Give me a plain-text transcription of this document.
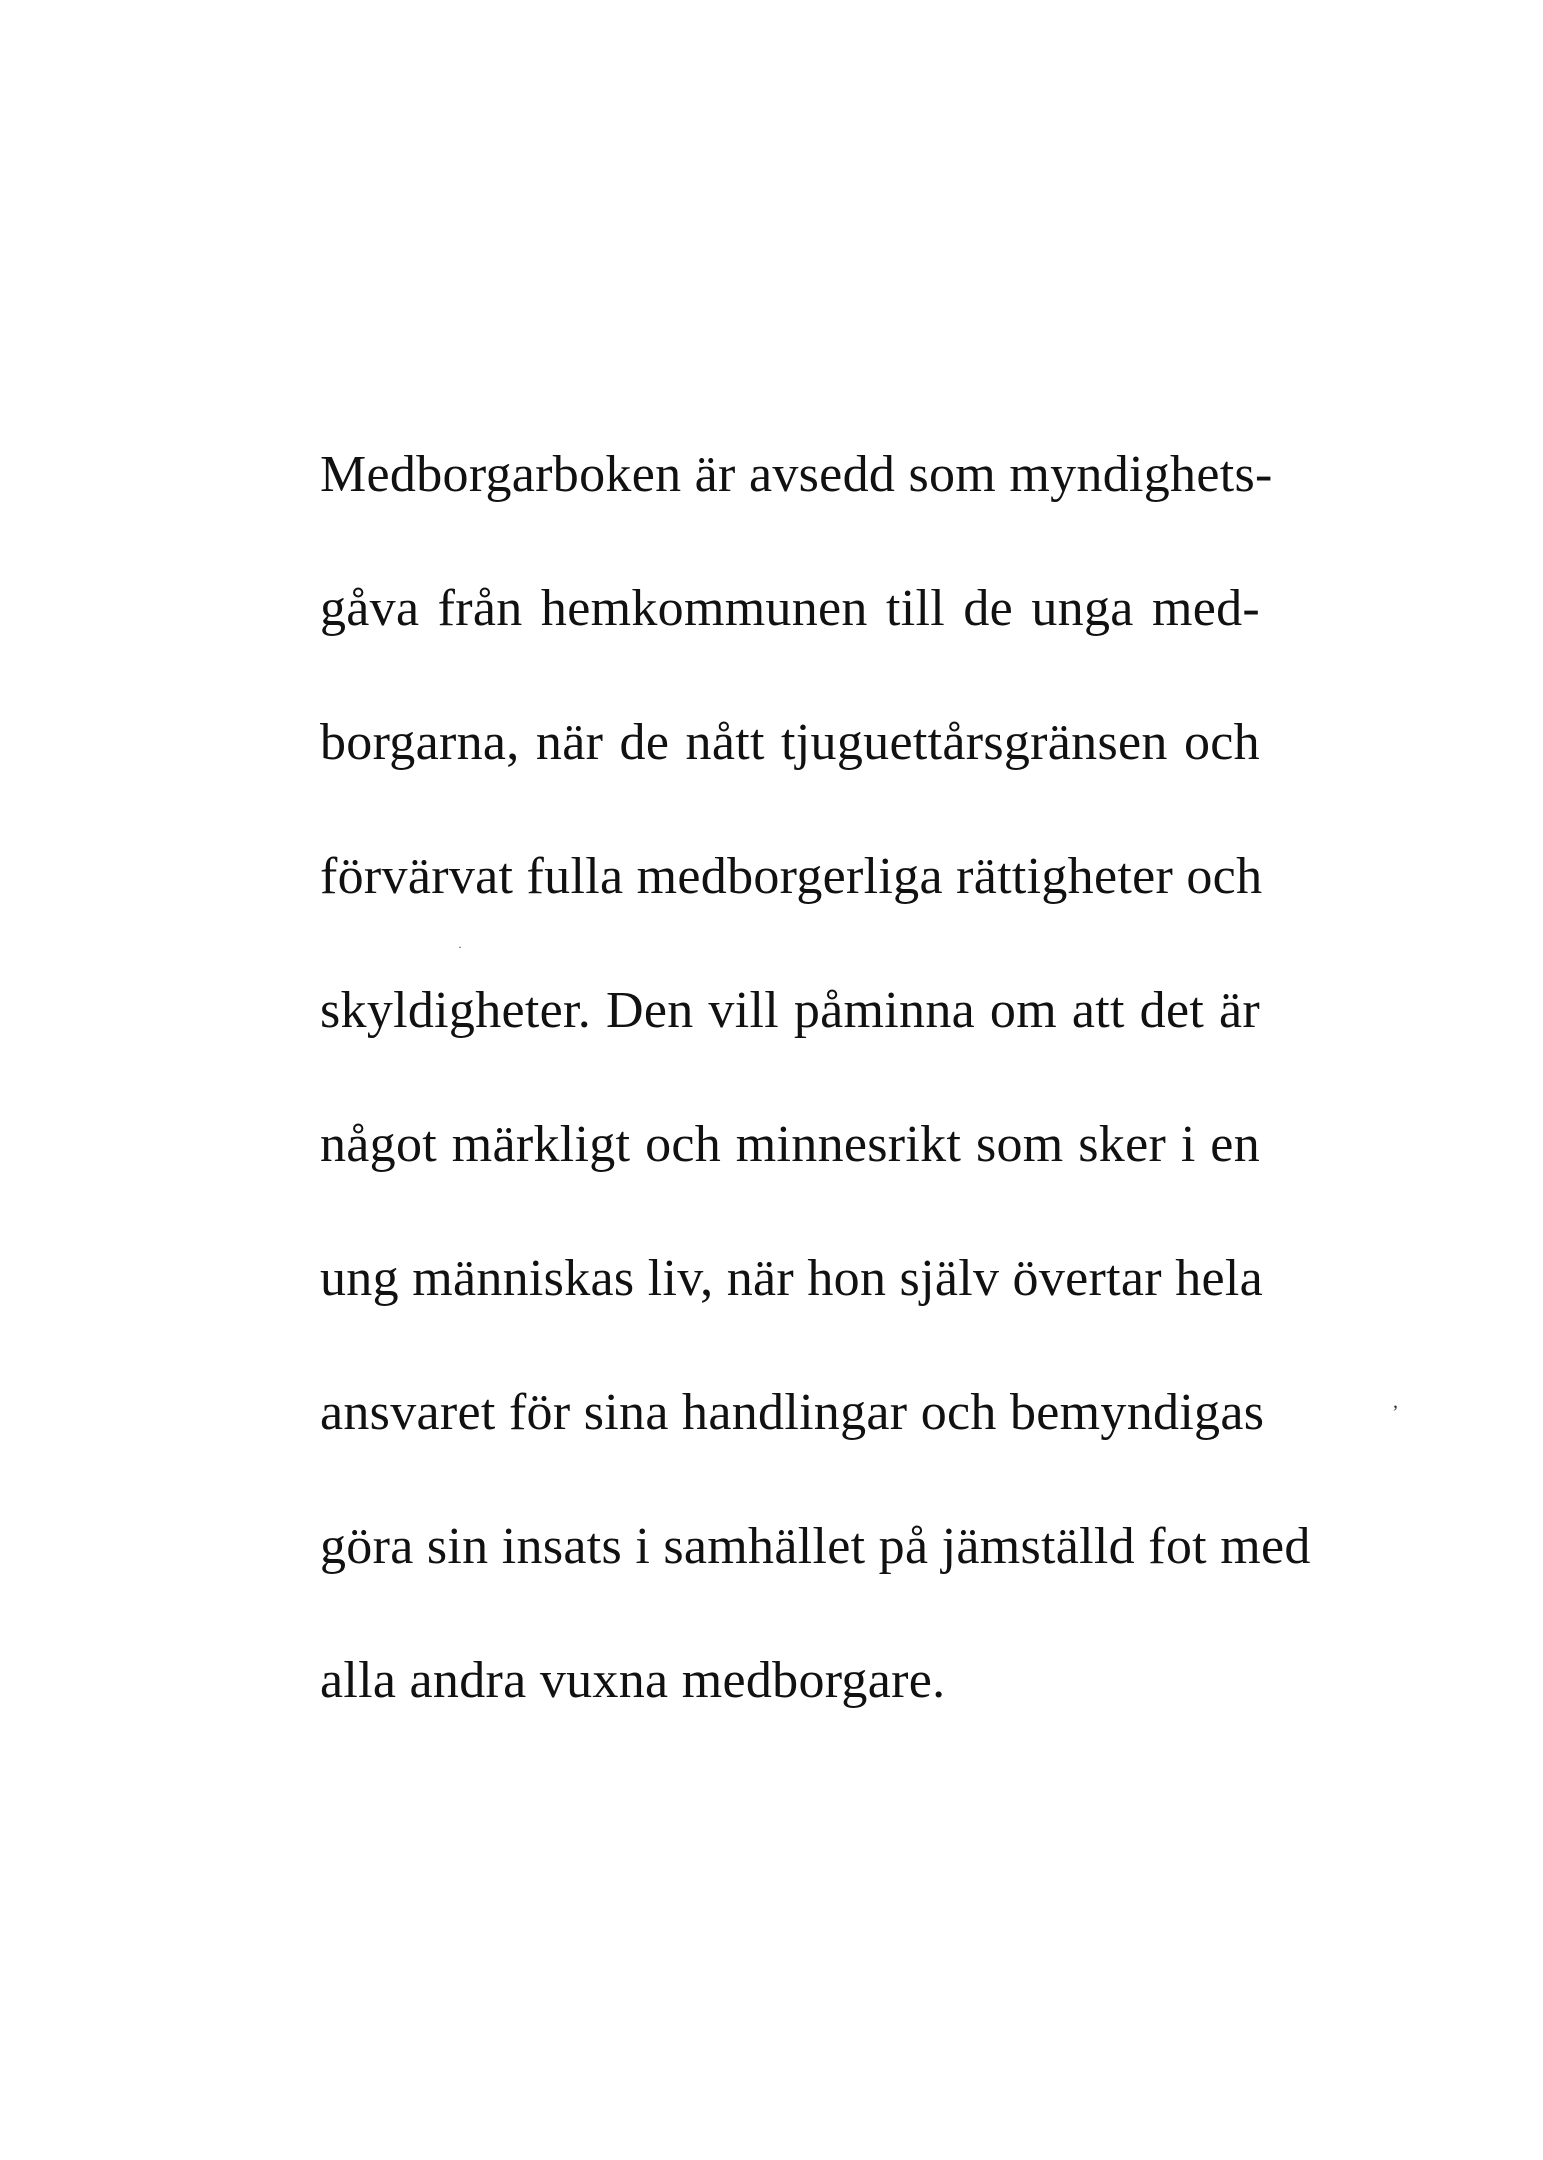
Medborgarboken är avsedd som myndighets-
gåva från hemkommunen till de unga med-
borgarna, när de nått tjuguettårsgränsen och
förvärvat fulla medborgerliga rättigheter och
skyldigheter. Den vill påminna om att det är
något märkligt och minnesrikt som sker i en
ung människas liv, när hon själv övertar hela
ansvaret för sina handlingar och bemyndigas
göra sin insats i samhället på jämställd fot med
alla andra vuxna medborgare.
·
ʼ
